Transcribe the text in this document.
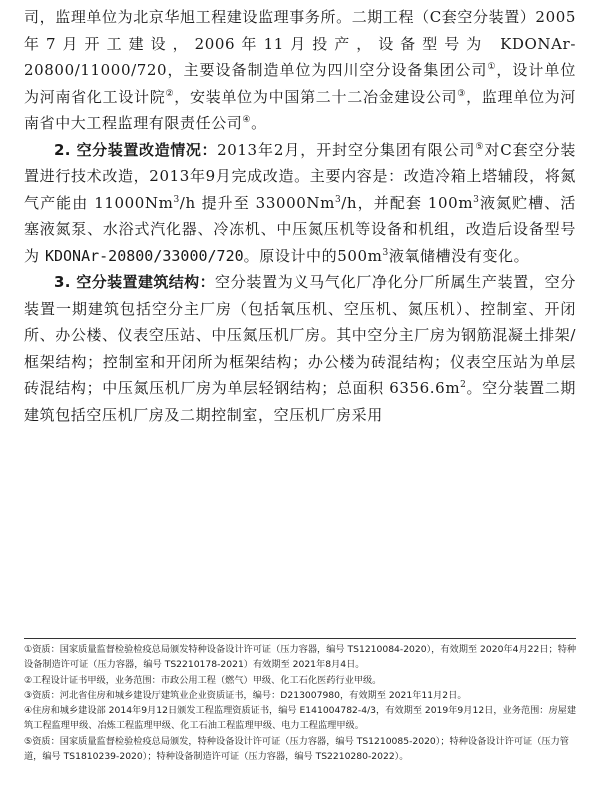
司，监理单位为北京华旭工程建设监理事务所。二期工程（C套空分装置）2005年7月开工建设，2006年11月投产，设备型号为 KDONAr-20800/11000/720，主要设备制造单位为四川空分设备集团公司①，设计单位为河南省化工设计院②，安装单位为中国第二十二冶金建设公司③，监理单位为河南省中大工程监理有限责任公司④。

2. 空分装置改造情况：2013年2月，开封空分集团有限公司⑤对C套空分装置进行技术改造，2013年9月完成改造。主要内容是：改造冷箱上塔辅段，将氮气产能由 11000Nm$^3$/h 提升至 33000Nm$^3$/h，并配套 $100m^3$液氮贮槽、活塞液氮泵、水浴式汽化器、冷冻机、中压氮压机等设备和机组，改造后设备型号为 KDONAr-20800/33000/720。原设计中的$500m^3$液氧储槽没有变化。

3. 空分装置建筑结构：空分装置为义马气化厂净化分厂所属生产装置，空分装置一期建筑包括空分主厂房（包括氧压机、空压机、氮压机）、控制室、开闭所、办公楼、仪表空压站、中压氮压机厂房。其中空分主厂房为钢筋混凝土排架/框架结构；控制室和开闭所为框架结构；办公楼为砖混结构；仪表空压站为单层砖混结构；中压氮压机厂房为单层轻钢结构；总面积 $6356.6m^2$。空分装置二期建筑包括空压机厂房及二期控制室，空压机厂房采用

①资质：国家质量监督检验检疫总局颁发特种设备设计许可证（压力容器，编号 TS1210084-2020），有效期至 2020年4月22日；特种设备制造许可证（压力容器，编号 TS2210178-2021）有效期至 2021年8月4日。

②工程设计证书甲级，业务范围：市政公用工程（燃气）甲级、化工石化医药行业甲级。

③资质：河北省住房和城乡建设厅建筑业企业资质证书，编号：D213007980，有效期至 2021年11月2日。

④住房和城乡建设部 2014年9月12日颁发工程监理资质证书，编号 E141004782-4/3，有效期至 2019年9月12日，业务范围：房屋建筑工程监理甲级、冶炼工程监理甲级、化工石油工程监理甲级、电力工程监理甲级。

⑤资质：国家质量监督检验检疫总局颁发，特种设备设计许可证（压力容器，编号 TS1210085-2020）；特种设备设计许可证（压力管道，编号 TS1810239-2020）；特种设备制造许可证（压力容器，编号 TS2210280-2022）。
